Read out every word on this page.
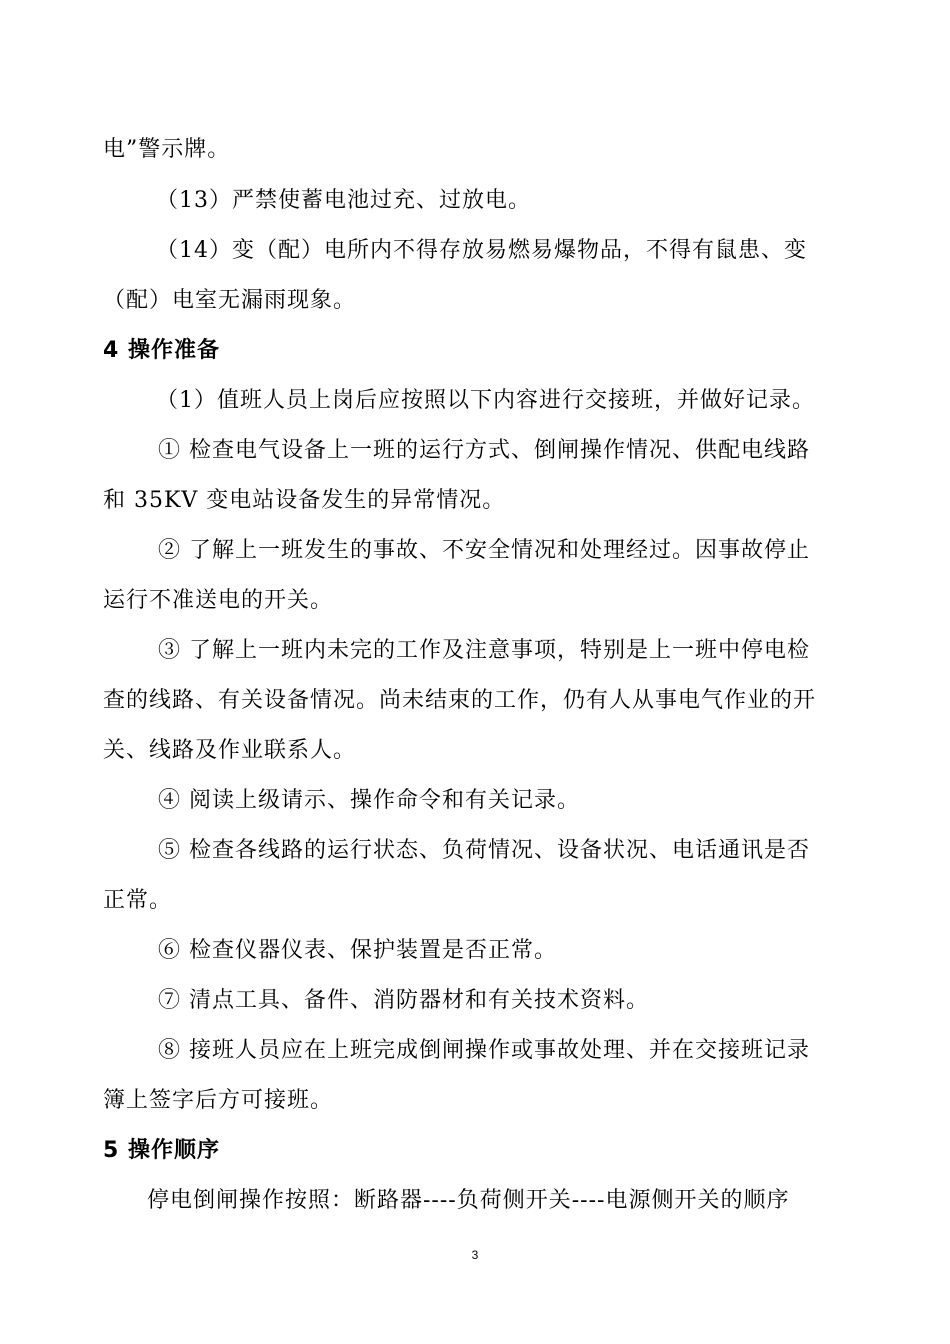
电”警示牌。
（13）严禁使蓄电池过充、过放电。
（14）变（配）电所内不得存放易燃易爆物品，不得有鼠患、变
（配）电室无漏雨现象。
4 操作准备
（1）值班人员上岗后应按照以下内容进行交接班，并做好记录。
① 检查电气设备上一班的运行方式、倒闸操作情况、供配电线路
和 35KV 变电站设备发生的异常情况。
② 了解上一班发生的事故、不安全情况和处理经过。因事故停止
运行不准送电的开关。
③ 了解上一班内未完的工作及注意事项，特别是上一班中停电检
查的线路、有关设备情况。尚未结束的工作，仍有人从事电气作业的开
关、线路及作业联系人。
④ 阅读上级请示、操作命令和有关记录。
⑤ 检查各线路的运行状态、负荷情况、设备状况、电话通讯是否
正常。
⑥ 检查仪器仪表、保护装置是否正常。
⑦ 清点工具、备件、消防器材和有关技术资料。
⑧ 接班人员应在上班完成倒闸操作或事故处理、并在交接班记录
簿上签字后方可接班。
5 操作顺序
停电倒闸操作按照：断路器----负荷侧开关----电源侧开关的顺序
3
